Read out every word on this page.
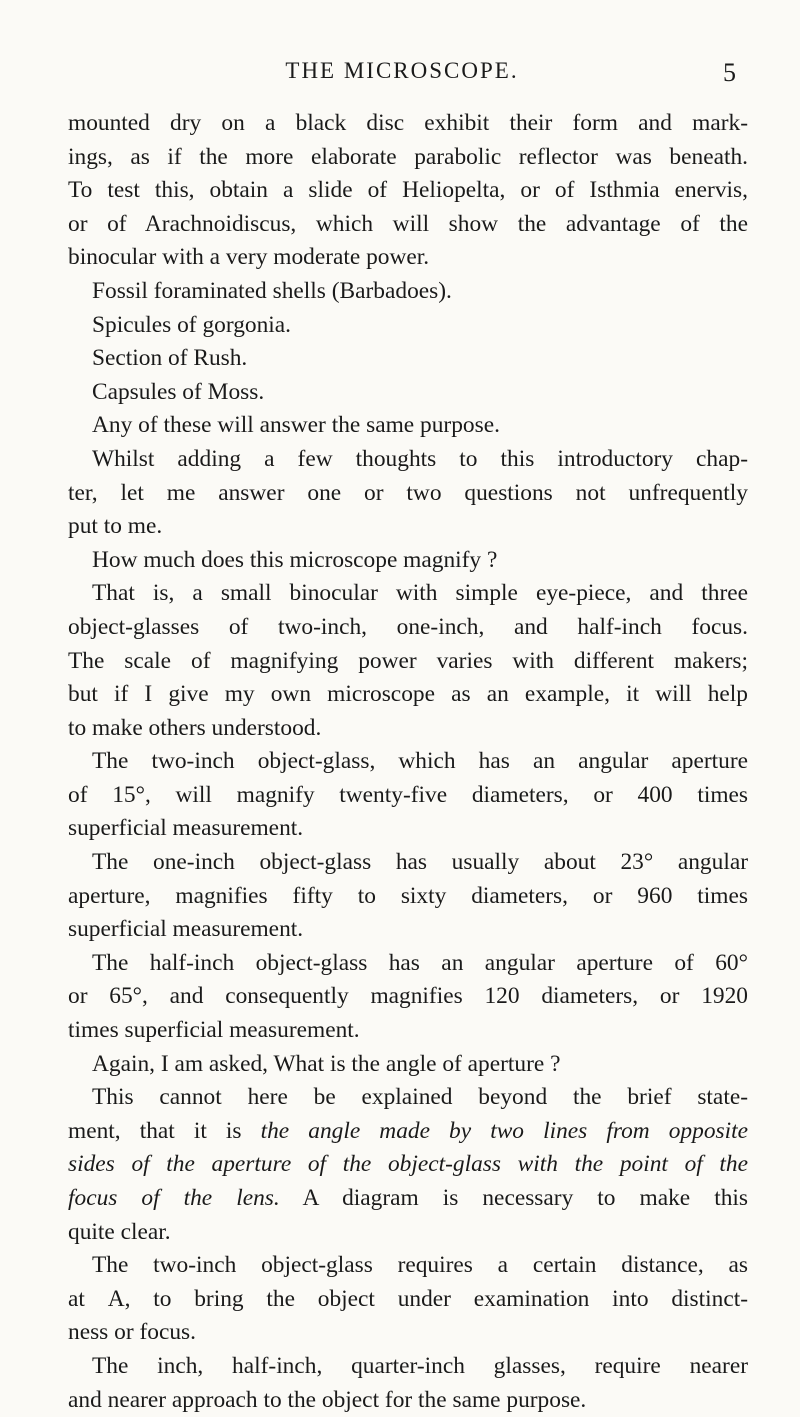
THE MICROSCOPE.	5
mounted dry on a black disc exhibit their form and mark-
ings, as if the more elaborate parabolic reflector was beneath.
To test this, obtain a slide of Heliopelta, or of Isthmia enervis,
or of Arachnoidiscus, which will show the advantage of the
binocular with a very moderate power.
Fossil foraminated shells (Barbadoes).
Spicules of gorgonia.
Section of Rush.
Capsules of Moss.
Any of these will answer the same purpose.
Whilst adding a few thoughts to this introductory chap-
ter, let me answer one or two questions not unfrequently
put to me.
How much does this microscope magnify ?
That is, a small binocular with simple eye-piece, and three
object-glasses of two-inch, one-inch, and half-inch focus.
The scale of magnifying power varies with different makers;
but if I give my own microscope as an example, it will help
to make others understood.
The two-inch object-glass, which has an angular aperture
of 15°, will magnify twenty-five diameters, or 400 times
superficial measurement.
The one-inch object-glass has usually about 23° angular
aperture, magnifies fifty to sixty diameters, or 960 times
superficial measurement.
The half-inch object-glass has an angular aperture of 60°
or 65°, and consequently magnifies 120 diameters, or 1920
times superficial measurement.
Again, I am asked, What is the angle of aperture ?
This cannot here be explained beyond the brief state-
ment, that it is the angle made by two lines from opposite
sides of the aperture of the object-glass with the point of the
focus of the lens. A diagram is necessary to make this
quite clear.
The two-inch object-glass requires a certain distance, as
at A, to bring the object under examination into distinct-
ness or focus.
The inch, half-inch, quarter-inch glasses, require nearer
and nearer approach to the object for the same purpose.
